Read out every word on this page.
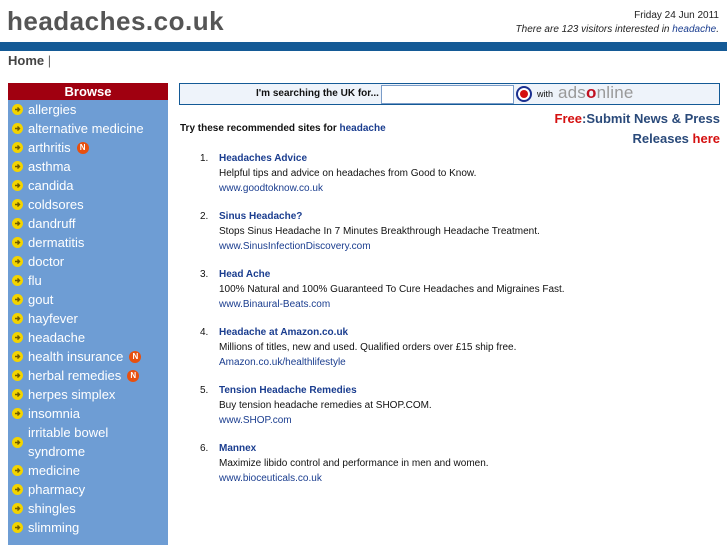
headaches.co.uk	Friday 24 Jun 2011
There are 123 visitors interested in headache.
Home |
Browse
allergies
alternative medicine
arthritis	N
asthma
candida
coldsores
dandruff
dermatitis
doctor
flu
gout
hayfever
headache
health insurance	N
herbal remedies	N
herpes simplex
insomnia
irritable bowel syndrome
medicine
pharmacy
shingles
slimming
I'm searching the UK for...	with adsonline
Free:Submit News & Press
Releases here
Try these recommended sites for headache
1.	Headaches Advice
Helpful tips and advice on headaches from Good to Know.
www.goodtoknow.co.uk
2.	Sinus Headache?
Stops Sinus Headache In 7 Minutes Breakthrough Headache Treatment.
www.SinusInfectionDiscovery.com
3.	Head Ache
100% Natural and 100% Guaranteed To Cure Headaches and Migraines Fast.
www.Binaural-Beats.com
4.	Headache at Amazon.co.uk
Millions of titles, new and used. Qualified orders over £15 ship free.
Amazon.co.uk/healthlifestyle
5.	Tension Headache Remedies
Buy tension headache remedies at SHOP.COM.
www.SHOP.com
6.	Mannex
Maximize libido control and performance in men and women.
www.bioceuticals.co.uk
